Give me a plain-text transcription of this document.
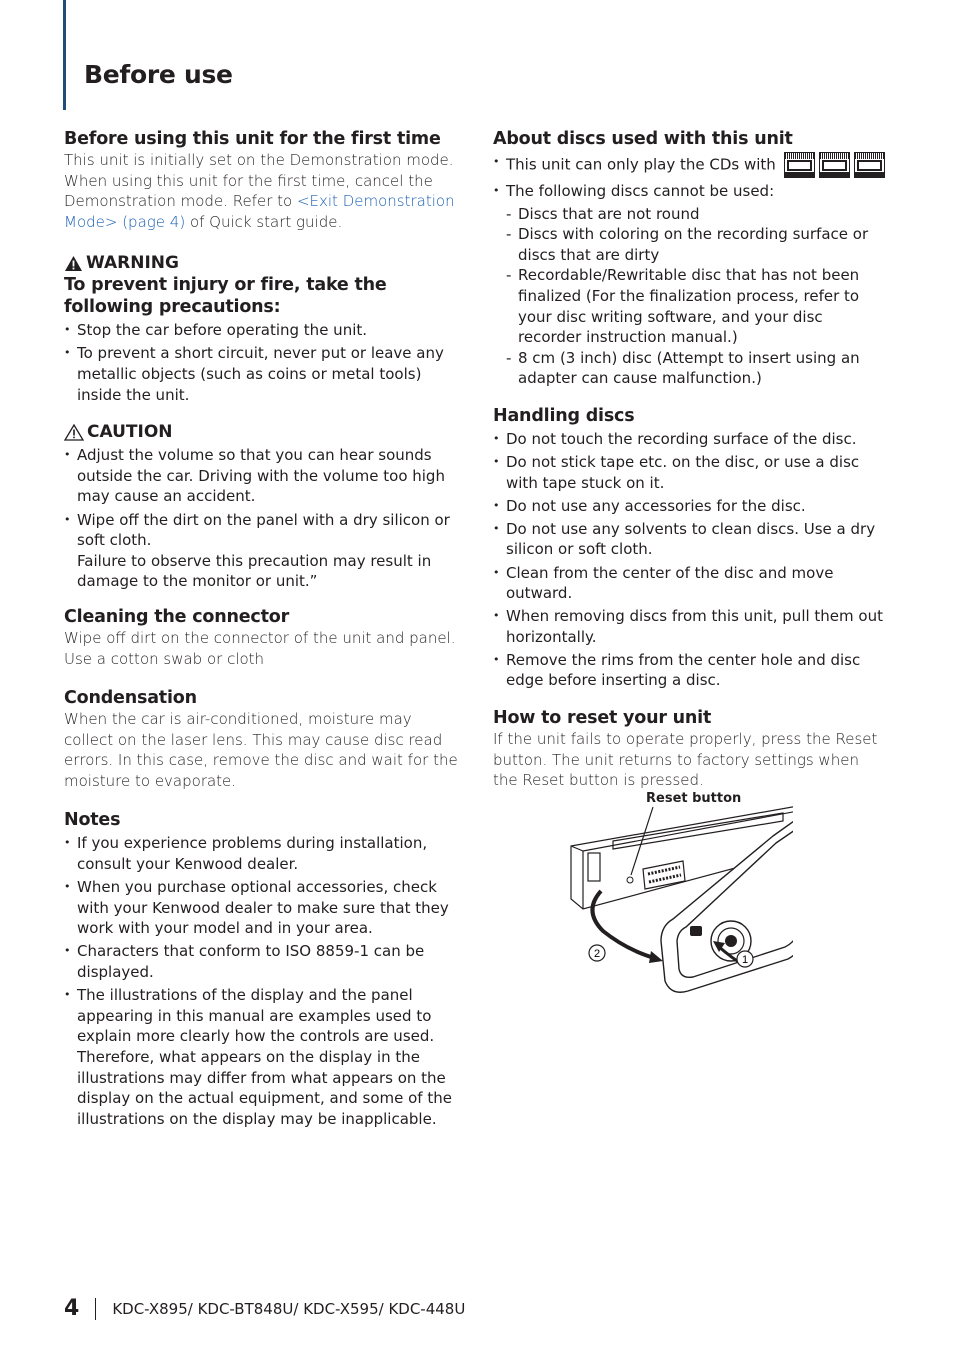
Before use
Before using this unit for the first time

This unit is initially set on the Demonstration mode. When using this unit for the first time, cancel the Demonstration mode. Refer to <Exit Demonstration Mode> (page 4) of Quick start guide.

WARNING
To prevent injury or fire, take the following precautions:
• Stop the car before operating the unit.
• To prevent a short circuit, never put or leave any metallic objects (such as coins or metal tools) inside the unit.
CAUTION
• Adjust the volume so that you can hear sounds outside the car. Driving with the volume too high may cause an accident.
• Wipe off the dirt on the panel with a dry silicon or soft cloth.
Failure to observe this precaution may result in damage to the monitor or unit.”
Cleaning the connector

Wipe off dirt on the connector of the unit and panel. Use a cotton swab or cloth

Condensation

When the car is air-conditioned, moisture may collect on the laser lens. This may cause disc read errors. In this case, remove the disc and wait for the moisture to evaporate.

Notes
• If you experience problems during installation, consult your Kenwood dealer.
• When you purchase optional accessories, check with your Kenwood dealer to make sure that they work with your model and in your area.
• Characters that conform to ISO 8859-1 can be displayed.
• The illustrations of the display and the panel appearing in this manual are examples used to explain more clearly how the controls are used. Therefore, what appears on the display in the illustrations may differ from what appears on the display on the actual equipment, and some of the illustrations on the display may be inapplicable.
About discs used with this unit
• This unit can only play the CDs with
• The following discs cannot be used:
- Discs that are not round
- Discs with coloring on the recording surface or discs that are dirty
- Recordable/Rewritable disc that has not been finalized (For the finalization process, refer to your disc writing software, and your disc recorder instruction manual.)
- 8 cm (3 inch) disc (Attempt to insert using an adapter can cause malfunction.)
Handling discs
• Do not touch the recording surface of the disc.
• Do not stick tape etc. on the disc, or use a disc with tape stuck on it.
• Do not use any accessories for the disc.
• Do not use any solvents to clean discs. Use a dry silicon or soft cloth.
• Clean from the center of the disc and move outward.
• When removing discs from this unit, pull them out horizontally.
• Remove the rims from the center hole and disc edge before inserting a disc.
How to reset your unit

If the unit fails to operate properly, press the Reset button. The unit returns to factory settings when the Reset button is pressed.

Reset button
1
2
4 KDC-X895/ KDC-BT848U/ KDC-X595/ KDC-448U
